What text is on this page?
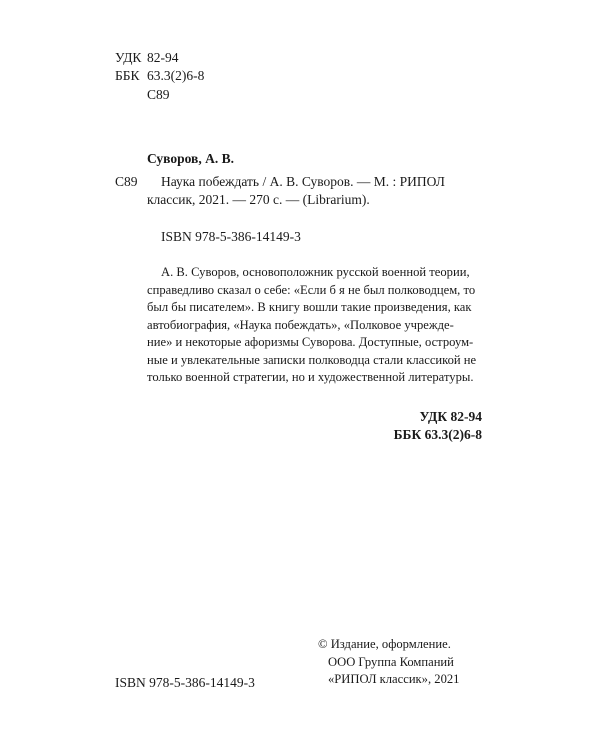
УДК 82-94
ББК 63.3(2)6-8
С89
Суворов, А. В.
С89 Наука побеждать / А. В. Суворов. — М. : РИПОЛ
классик, 2021. — 270 с. — (Librarium).
ISBN 978-5-386-14149-3
А. В. Суворов, основоположник русской военной теории,
справедливо сказал о себе: «Если б я не был полководцем, то
был бы писателем». В книгу вошли такие произведения, как
автобиография, «Наука побеждать», «Полковое учрежде-
ние» и некоторые афоризмы Суворова. Доступные, остроум-
ные и увлекательные записки полководца стали классикой не
только военной стратегии, но и художественной литературы.
УДК 82-94
ББК 63.3(2)6-8
ISBN 978-5-386-14149-3
© Издание, оформление.
ООО Группа Компаний
«РИПОЛ классик», 2021
